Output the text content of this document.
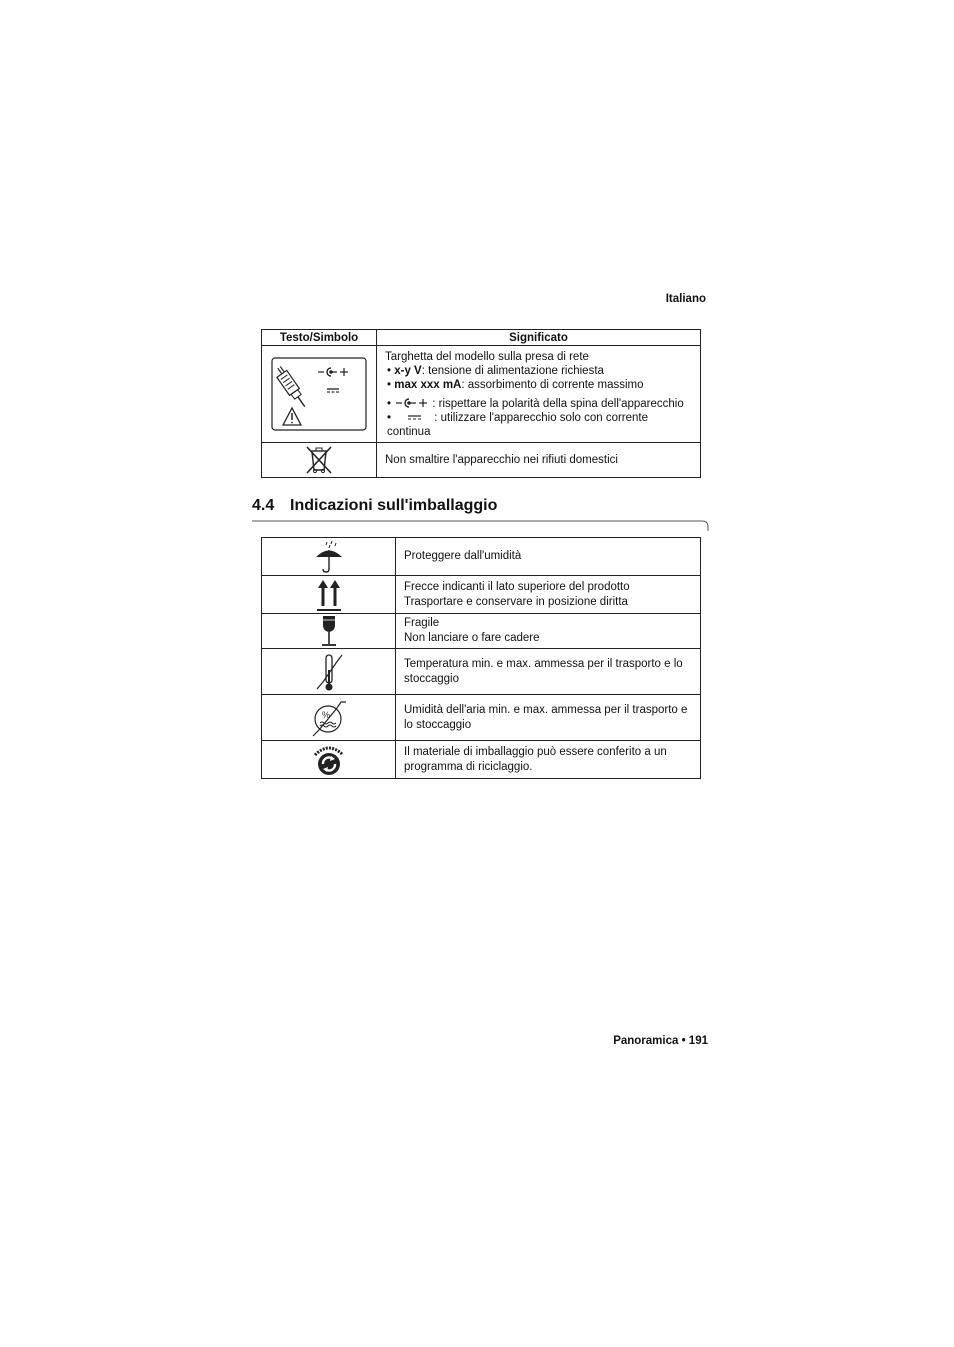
Italiano
Testo/Simbolo	Significato

Targhetta del modello sulla presa di rete
• x-y V: tensione di alimentazione richiesta
• max xxx mA: assorbimento di corrente massimo
• : rispettare la polarità della spina dell'apparecchio
• : utilizzare l'apparecchio solo con corrente continua

	Non smaltire l'apparecchio nei rifiuti domestici
4.4 Indicazioni sull'imballaggio

Proteggere dall'umidità

Frecce indicanti il lato superiore del prodotto
Trasportare e conservare in posizione diritta

Fragile
Non lanciare o fare cadere

Temperatura min. e max. ammessa per il trasporto e lo stoccaggio

%	Umidità dell'aria min. e max. ammessa per il trasporto e lo stoccaggio

Il materiale di imballaggio può essere conferito a un programma di riciclaggio.
Panoramica • 191
